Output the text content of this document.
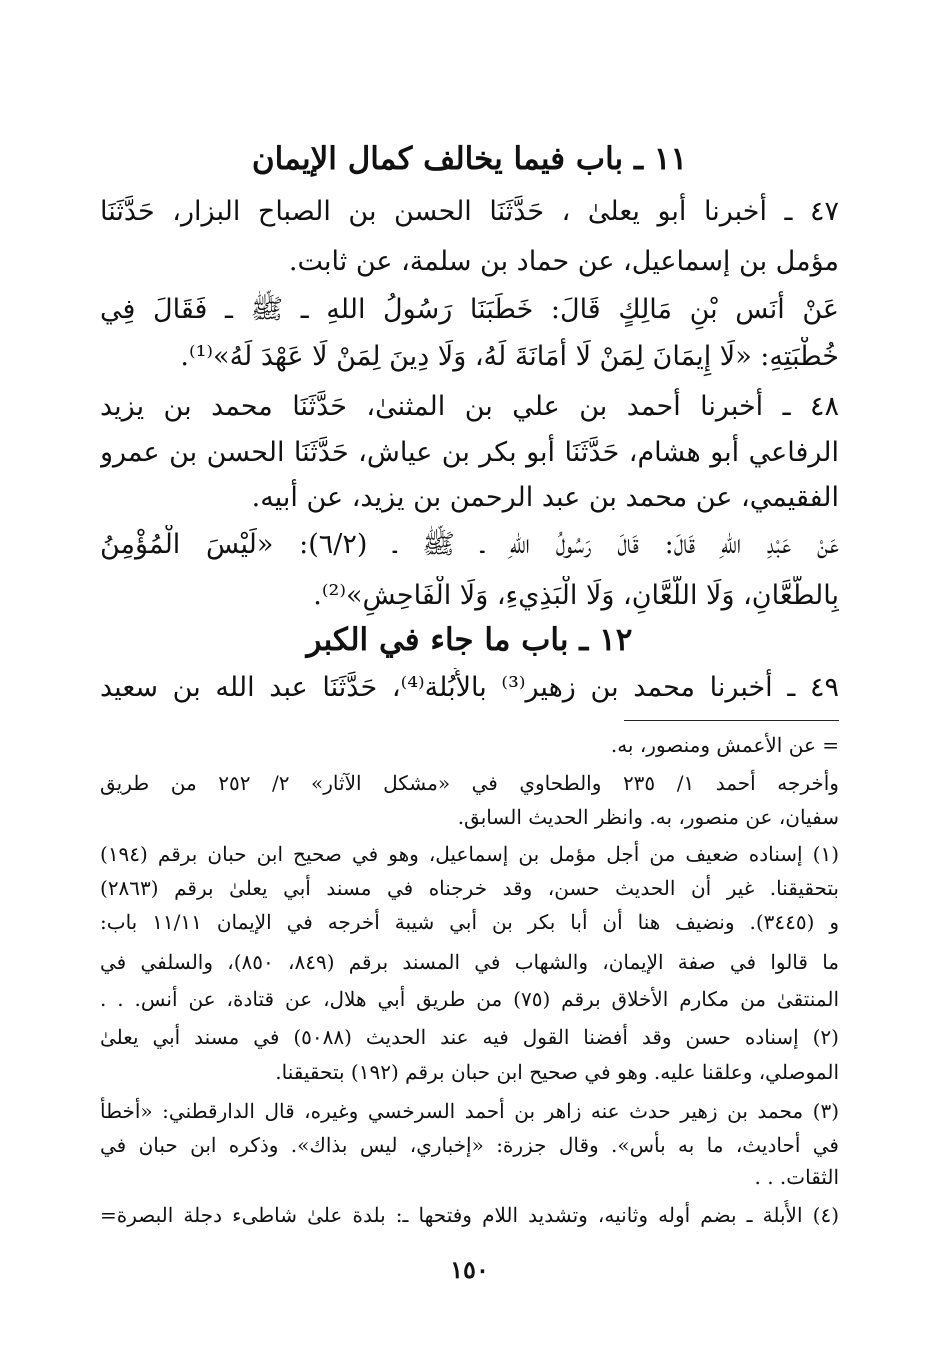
١١ ـ باب فيما يخالف كمال الإيمان
٤٧ ـ أخبرنا أبو يعلىٰ ، حَدَّثَنَا الحسن بن الصباح البزار، حَدَّثَنَا
مؤمل بن إسماعيل، عن حماد بن سلمة، عن ثابت.
عَنْ أَنَس بْنِ مَالِكٍ قَالَ: خَطَبَنَا رَسُولُ اللهِ ـ ﷺ ـ فَقَالَ فِي
خُطْبَتِهِ: «لَا إِيمَانَ لِمَنْ لَا أَمَانَةَ لَهُ، وَلَا دِينَ لِمَنْ لَا عَهْدَ لَهُ»⁽¹⁾.
٤٨ ـ أخبرنا أحمد بن علي بن المثنىٰ، حَدَّثَنَا محمد بن يزيد
الرفاعي أبو هشام، حَدَّثَنَا أبو بكر بن عياش، حَدَّثَنَا الحسن بن عمرو
الفقيمي، عن محمد بن عبد الرحمن بن يزيد، عن أبيه.
عَنْ عَبْدِ اللهِ قَالَ: قَالَ رَسُولُ اللهِ ـ ﷺ ـ (٦/٢): «لَيْسَ الْمُؤْمِنُ
بِالطَّعَّانِ، وَلَا اللَّعَّانِ، وَلَا الْبَذِيءِ، وَلَا الْفَاحِشِ»⁽²⁾.
١٢ ـ باب ما جاء في الكبر
٤٩ ـ أخبرنا محمد بن زهير⁽³⁾ بالأُبُلة⁽⁴⁾، حَدَّثَنَا عبد الله بن سعيد
= عن الأعمش ومنصور، به.
وأخرجه أحمد ١/ ٢٣٥ والطحاوي في «مشكل الآثار» ٢/ ٢٥٢ من طريق
سفيان، عن منصور، به. وانظر الحديث السابق.
(١) إسناده ضعيف من أجل مؤمل بن إسماعيل، وهو في صحيح ابن حبان برقم (١٩٤)
بتحقيقنا. غير أن الحديث حسن، وقد خرجناه في مسند أبي يعلىٰ برقم (٢٨٦٣)
و (٣٤٤٥). ونضيف هنا أن أبا بكر بن أبي شيبة أخرجه في الإيمان ١١/١١ باب:
ما قالوا في صفة الإيمان، والشهاب في المسند برقم (٨٤٩، ٨٥٠)، والسلفي في
المنتقىٰ من مكارم الأخلاق برقم (٧٥) من طريق أبي هلال، عن قتادة، عن أنس. . .
(٢) إسناده حسن وقد أفضنا القول فيه عند الحديث (٥٠٨٨) في مسند أبي يعلىٰ
الموصلي، وعلقنا عليه. وهو في صحيح ابن حبان برقم (١٩٢) بتحقيقنا.
(٣) محمد بن زهير حدث عنه زاهر بن أحمد السرخسي وغيره، قال الدارقطني: «أخطأ
في أحاديث، ما به بأس». وقال جزرة: «إخباري، ليس بذاك». وذكره ابن حبان في
الثقات. . .
(٤) الأُبلة ـ بضم أوله وثانيه، وتشديد اللام وفتحها ـ: بلدة علىٰ شاطىء دجلة البصرة=
١٥٠
